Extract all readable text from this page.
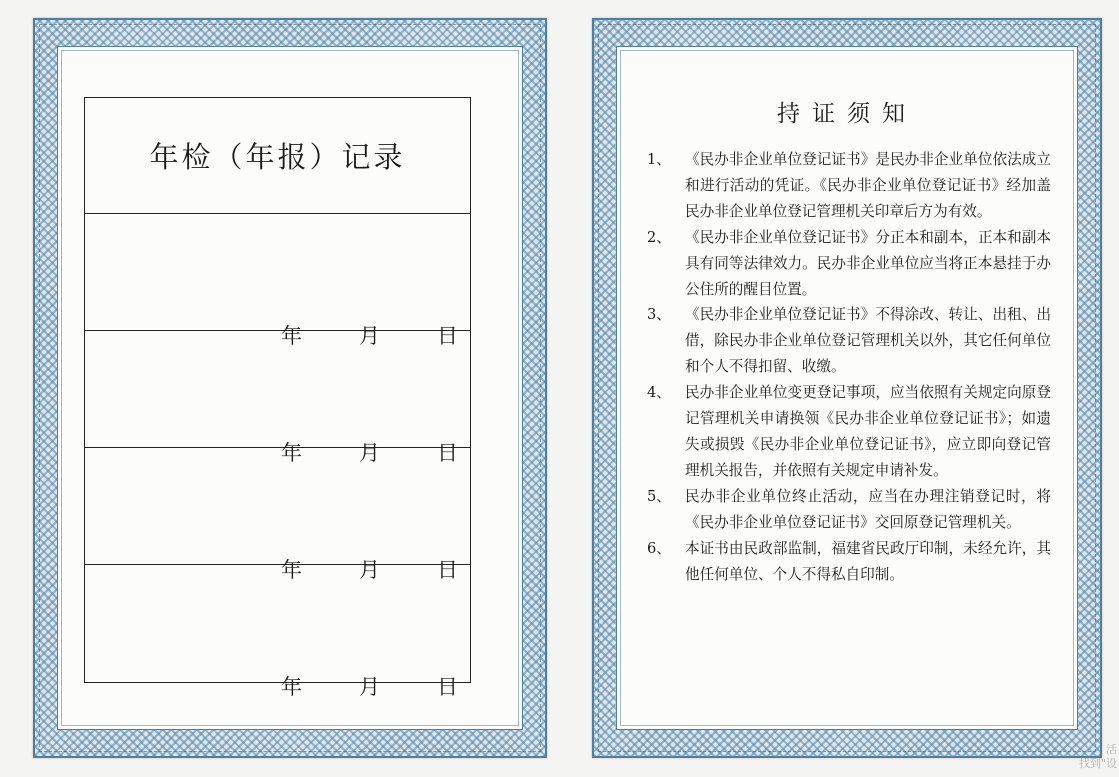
年检（年报）记录
年	月	日
年	月	日
年	月	日
年	月	日
持证须知
1、 《民办非企业单位登记证书》是民办非企业单位依法成立和进行活动的凭证。《民办非企业单位登记证书》经加盖民办非企业单位登记管理机关印章后方为有效。
2、 《民办非企业单位登记证书》分正本和副本，正本和副本具有同等法律效力。民办非企业单位应当将正本悬挂于办公住所的醒目位置。
3、 《民办非企业单位登记证书》不得涂改、转让、出租、出借，除民办非企业单位登记管理机关以外，其它任何单位和个人不得扣留、收缴。
4、 民办非企业单位变更登记事项，应当依照有关规定向原登记管理机关申请换领《民办非企业单位登记证书》；如遗失或损毁《民办非企业单位登记证书》，应立即向登记管理机关报告，并依照有关规定申请补发。
5、 民办非企业单位终止活动，应当在办理注销登记时，将《民办非企业单位登记证书》交回原登记管理机关。
6、 本证书由民政部监制，福建省民政厅印制，未经允许，其他任何单位、个人不得私自印制。
活
找到"设
